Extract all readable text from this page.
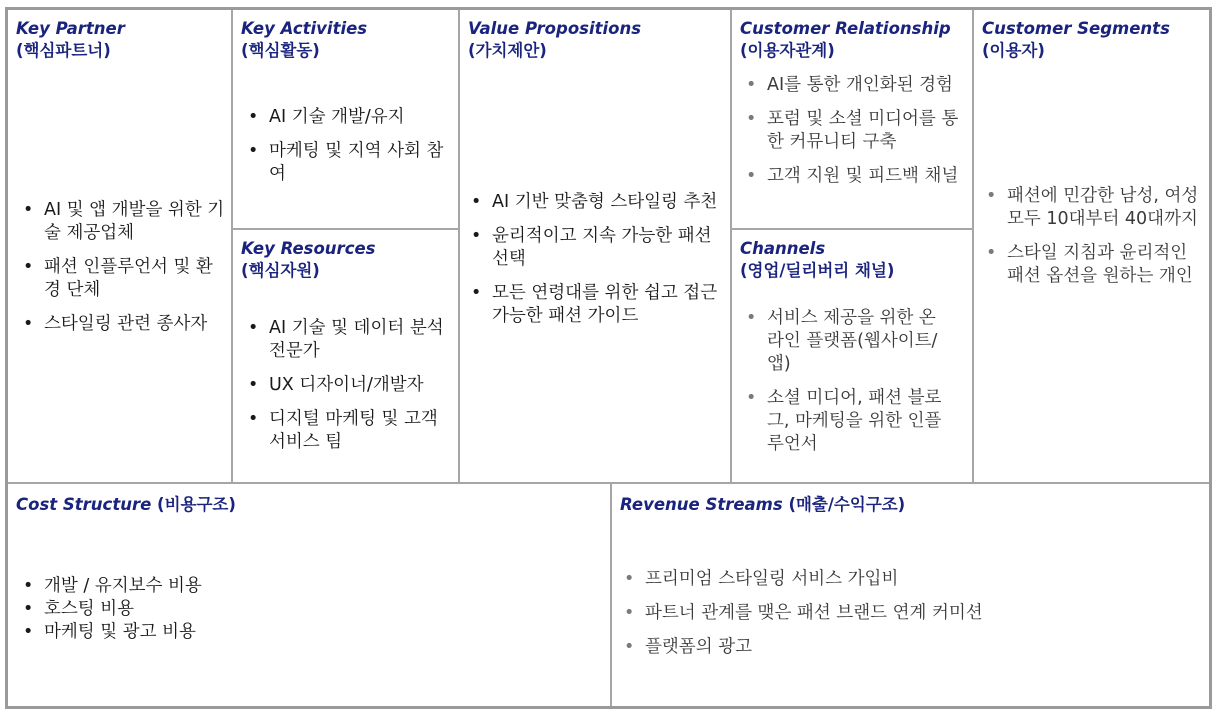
Key Partner
(핵심파트너)
• AI 및 앱 개발을 위한 기술 제공업체
• 패션 인플루언서 및 환경 단체
• 스타일링 관련 종사자
Key Activities
(핵심활동)
• AI 기술 개발/유지
• 마케팅 및 지역 사회 참여
Key Resources
(핵심자원)
• AI 기술 및 데이터 분석 전문가
• UX 디자이너/개발자
• 디지털 마케팅 및 고객 서비스 팀
Value Propositions
(가치제안)
• AI 기반 맞춤형 스타일링 추천
• 윤리적이고 지속 가능한 패션 선택
• 모든 연령대를 위한 쉽고 접근 가능한 패션 가이드
Customer Relationship
(이용자관계)
• AI를 통한 개인화된 경험
• 포럼 및 소셜 미디어를 통한 커뮤니티 구축
• 고객 지원 및 피드백 채널
Channels
(영업/딜리버리 채널)
• 서비스 제공을 위한 온라인 플랫폼(웹사이트/앱)
• 소셜 미디어, 패션 블로그, 마케팅을 위한 인플루언서
Customer Segments
(이용자)
• 패션에 민감한 남성, 여성 모두 10대부터 40대까지
• 스타일 지침과 윤리적인 패션 옵션을 원하는 개인
Cost Structure (비용구조)
• 개발 / 유지보수 비용
• 호스팅 비용
• 마케팅 및 광고 비용
Revenue Streams (매출/수익구조)
• 프리미엄 스타일링 서비스 가입비
• 파트너 관계를 맺은 패션 브랜드 연계 커미션
• 플랫폼의 광고
